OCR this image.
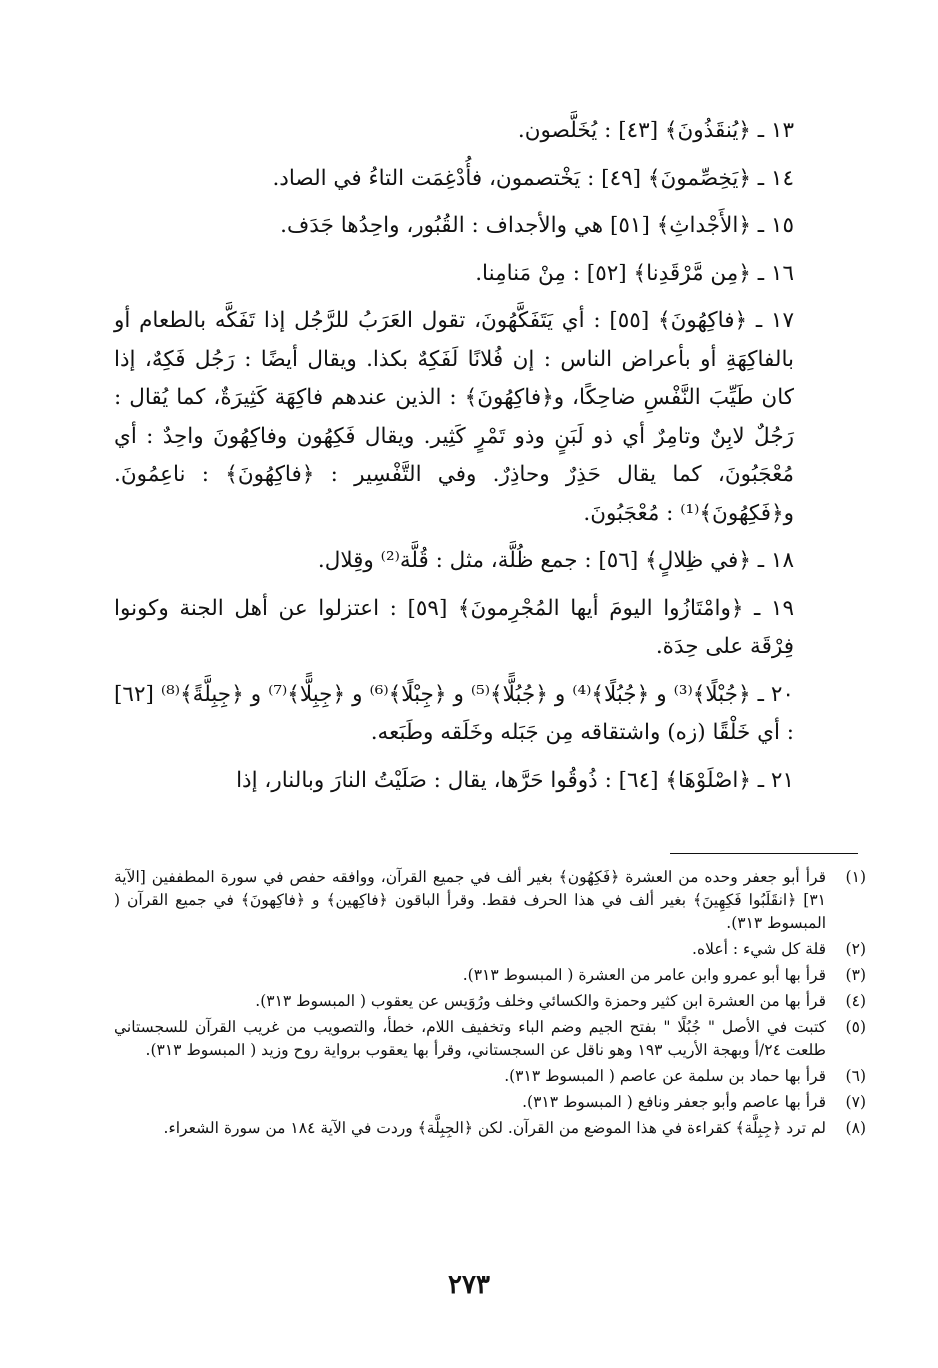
١٣ ـ ﴿يُنقَذُونَ﴾ [٤٣] : يُخَلَّصون.

١٤ ـ ﴿يَخِصِّمونَ﴾ [٤٩] : يَخْتصمون، فأُدْغِمَت التاءُ في الصاد.

١٥ ـ ﴿الأَجْداثِ﴾ [٥١] هي والأجداف : القُبُور، واحِدُها جَدَف.

١٦ ـ ﴿مِن مَّرْقَدِنا﴾ [٥٢] : مِنْ مَنامِنا.

١٧ ـ ﴿فاكِهُونَ﴾ [٥٥] : أي يَتَفَكَّهُونَ، تقول العَرَبُ للرَّجُل إذا تَفَكَّه بالطعام أو بالفاكِهَةِ أو بأعراض الناس : إن فُلانًا لَفَكِهٌ بكذا. ويقال أيضًا : رَجُل فَكِهٌ، إذا كان طَيِّبَ النَّفْسِ ضاحِكًا، و﴿فاكِهُونَ﴾ : الذين عندهم فاكِهَة كَثِيرَةٌ، كما يُقال : رَجُلٌ لابِنٌ وتامِرٌ أي ذو لَبَنٍ وذو تَمْرٍ كَثِير. ويقال فَكِهُون وفاكِهُونَ واحِدٌ : أي مُعْجَبُونَ، كما يقال حَذِرٌ وحاذِرٌ. وفي التَّفْسِير : ﴿فاكِهُونَ﴾ : ناعِمُونَ. و﴿فَكِهُونَ﴾⁽¹⁾ : مُعْجَبُونَ.

١٨ ـ ﴿في ظِلالٍ﴾ [٥٦] : جمع ظُلَّة، مثل : قُلَّة⁽²⁾ وقِلال.

١٩ ـ ﴿وامْتَازُوا اليومَ أيها المُجْرِمونَ﴾ [٥٩] : اعتزلوا عن أهل الجنة وكونوا فِرْقَة على حِدَة.

٢٠ ـ ﴿جُبْلًا﴾⁽³⁾ و ﴿جُبُلًا﴾⁽⁴⁾ و ﴿جُبُلًّا﴾⁽⁵⁾ و ﴿جِبْلًا﴾⁽⁶⁾ و ﴿جِبِلًّا﴾⁽⁷⁾ و ﴿جِبِلَّةً﴾⁽⁸⁾ [٦٢] : أي خَلْقًا (زه) واشتقاقه مِن جَبَله وخَلَقه وطَبَعه.

٢١ ـ ﴿اصْلَوْهَا﴾ [٦٤] : ذُوقُوا حَرَّها، يقال : صَلَيْتُ النارَ وبالنار، إذا

(١)
قرأ أبو جعفر وحده من العشرة ﴿فَكِهُون﴾ بغير ألف في جميع القرآن، ووافقه حفص في سورة المطففين [الآية ٣١] ﴿انقَلَبُوا فَكِهِينَ﴾ بغير ألف في هذا الحرف فقط. وقرأ الباقون ﴿فاكِهين﴾ و ﴿فاكِهونَ﴾ في جميع القرآن ( المبسوط ٣١٣).
(٢)
قلة كل شيء : أعلاه.
(٣)
قرأ بها أبو عمرو وابن عامر من العشرة ( المبسوط ٣١٣).
(٤)
قرأ بها من العشرة ابن كثير وحمزة والكسائي وخلف ورُوَيس عن يعقوب ( المبسوط ٣١٣).
(٥)
كتبت في الأصل " جُبُلًا " بفتح الجيم وضم الباء وتخفيف اللام، خطأ، والتصويب من غريب القرآن للسجستاني طلعت ٢٤/أ وبهجة الأريب ١٩٣ وهو ناقل عن السجستاني، وقرأ بها يعقوب برواية روح وزيد ( المبسوط ٣١٣).
(٦)
قرأ بها حماد بن سلمة عن عاصم ( المبسوط ٣١٣).
(٧)
قرأ بها عاصم وأبو جعفر ونافع ( المبسوط ٣١٣).
(٨)
لم ترد ﴿جِبِلَّة﴾ كقراءة في هذا الموضع من القرآن. لكن ﴿الجِبِلَّة﴾ وردت في الآية ١٨٤ من سورة الشعراء.
٢٧٣
